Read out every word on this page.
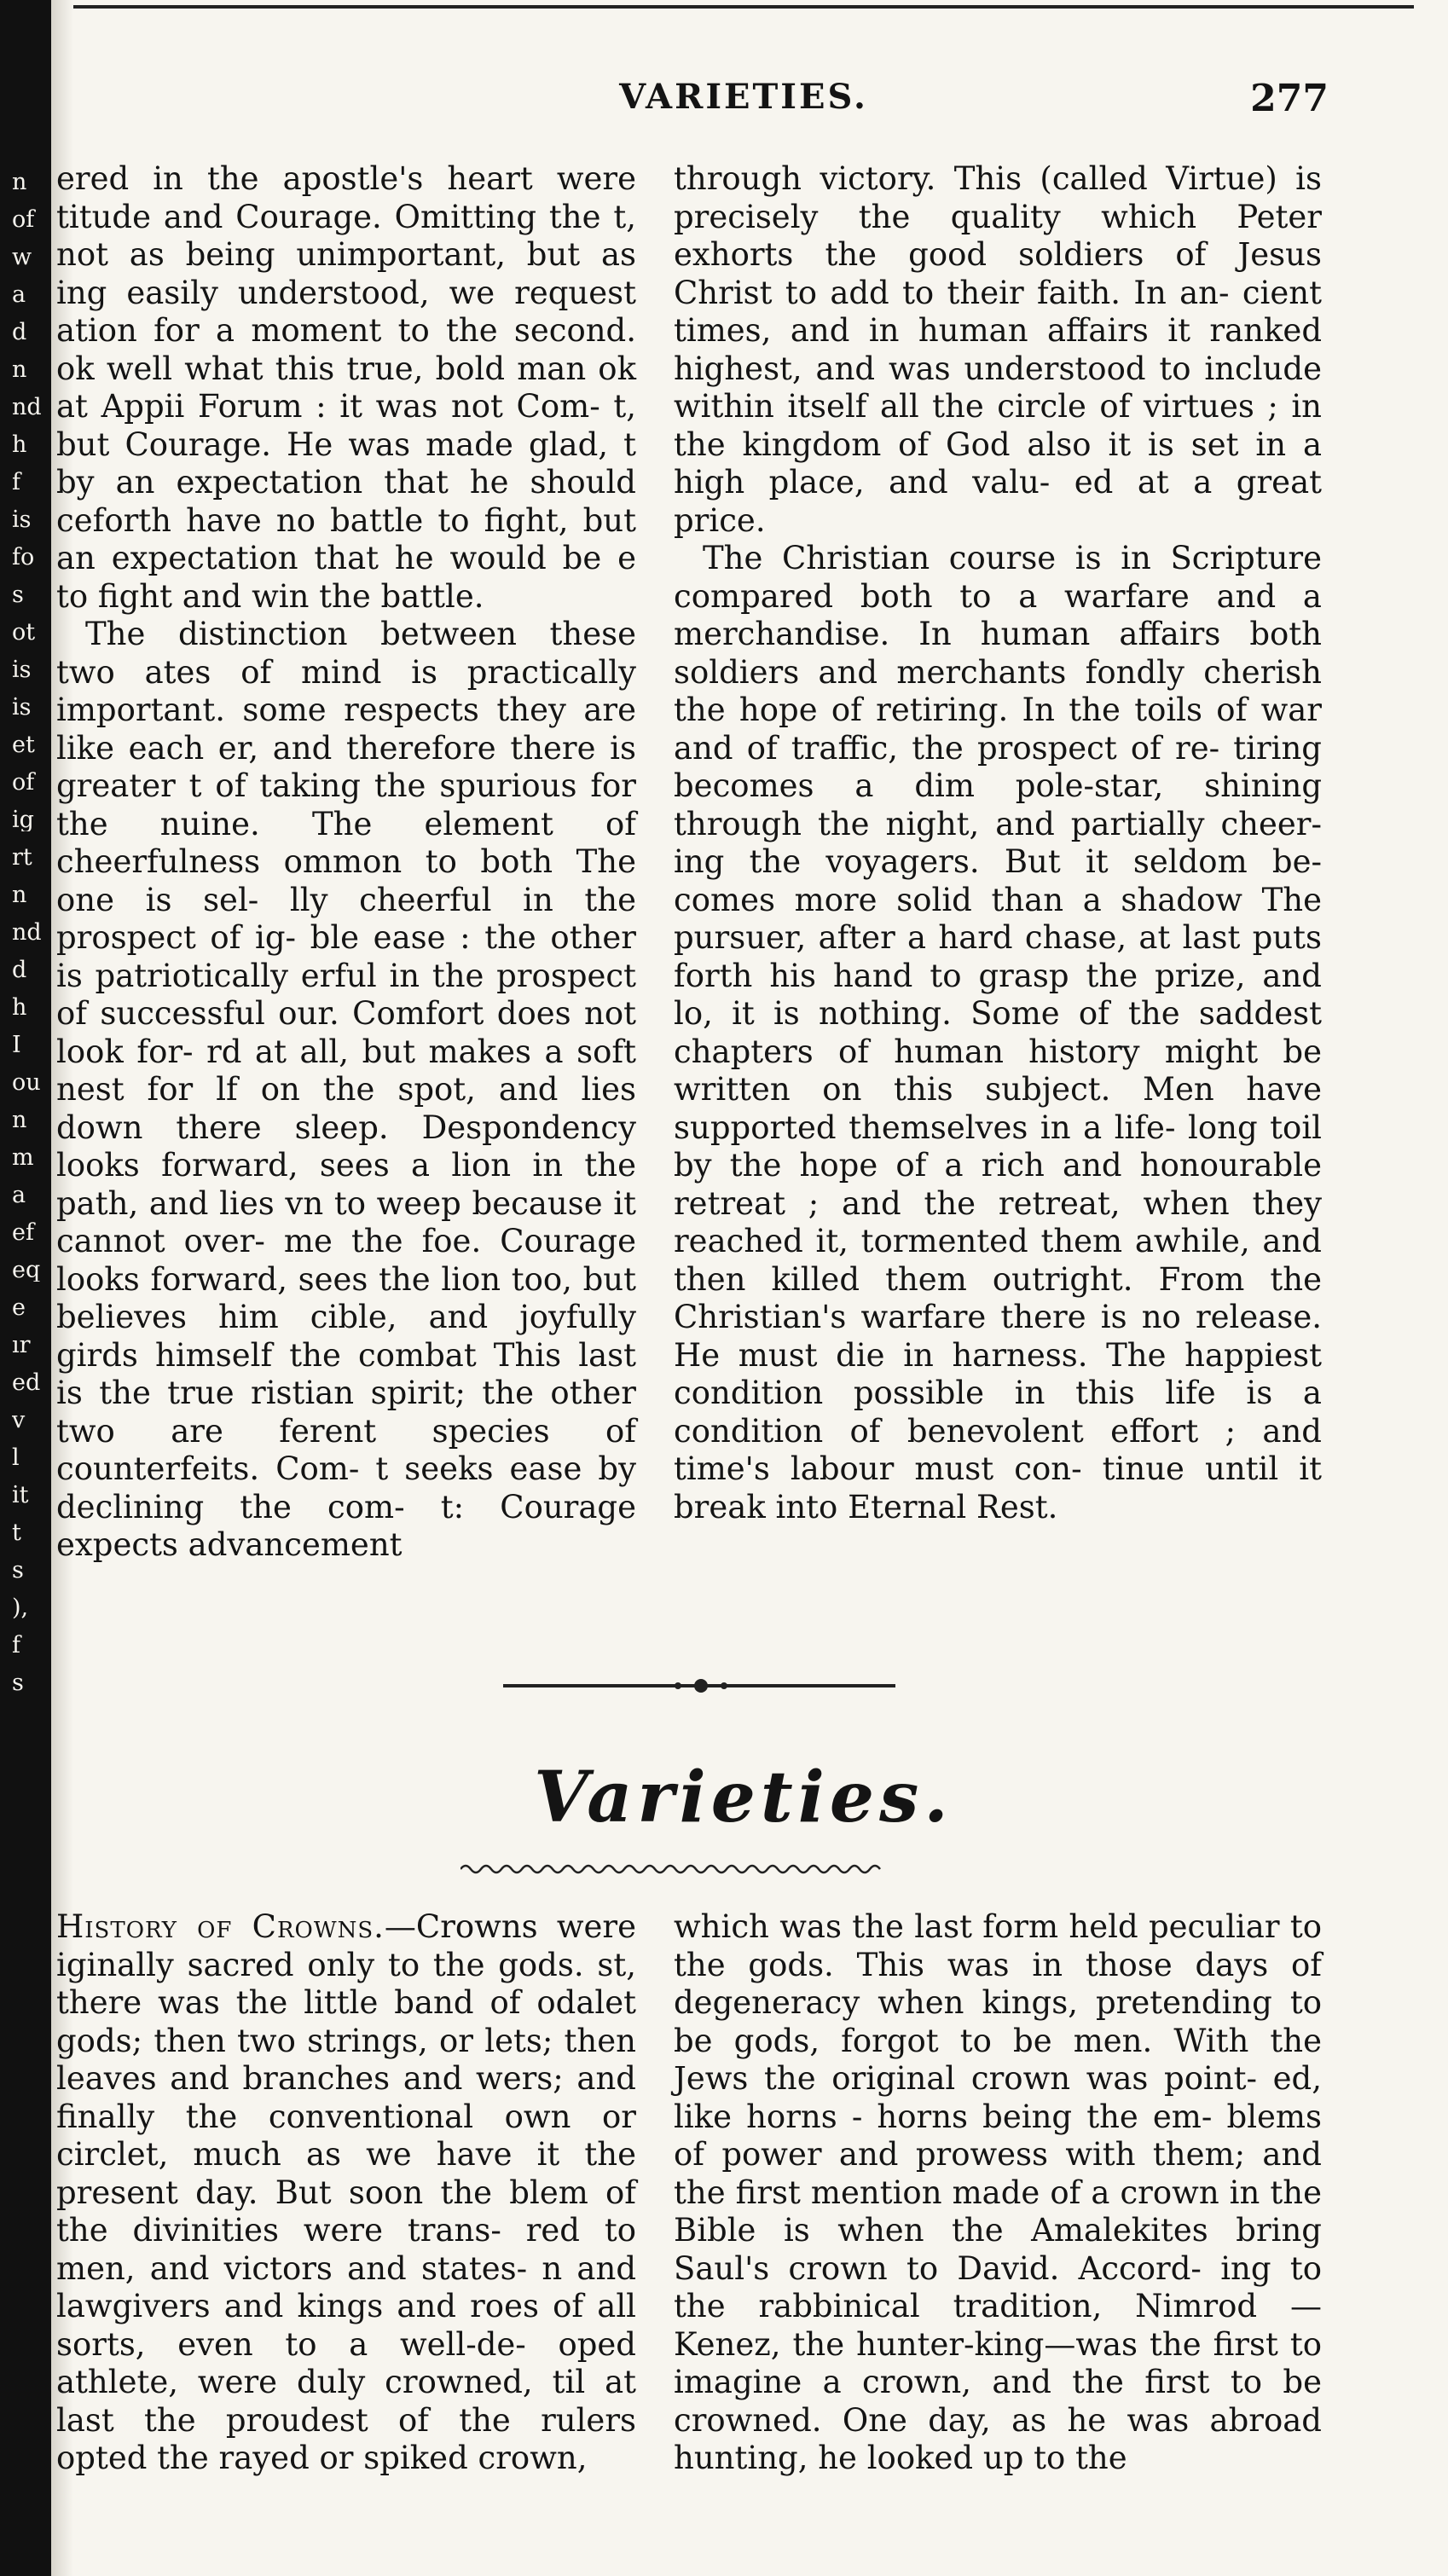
n
of
w
a
d
n
nd
h
f
is
fo
s
ot
is
is
et
of
ig
rt
n
nd
d
h
I
ou
n
m
a
ef
eq
e
ır
ed
v
l
it
t
s
),
f
s
VARIETIES.	277

ered in the apostle's heart were titude and Courage. Omitting the t, not as being unimportant, but as ing easily understood, we request ation for a moment to the second. ok well what this true, bold man ok at Appii Forum : it was not Com- t, but Courage. He was made glad, t by an expectation that he should ceforth have no battle to fight, but an expectation that he would be e to fight and win the battle.

The distinction between these two ates of mind is practically important. some respects they are like each er, and therefore there is greater t of taking the spurious for the nuine. The element of cheerfulness ommon to both The one is sel- lly cheerful in the prospect of ig- ble ease : the other is patriotically erful in the prospect of successful our. Comfort does not look for- rd at all, but makes a soft nest for lf on the spot, and lies down there sleep. Despondency looks forward, sees a lion in the path, and lies vn to weep because it cannot over- me the foe. Courage looks forward, sees the lion too, but believes him cible, and joyfully girds himself the combat This last is the true ristian spirit; the other two are ferent species of counterfeits. Com- t seeks ease by declining the com- t: Courage expects advancement

through victory. This (called Virtue) is precisely the quality which Peter exhorts the good soldiers of Jesus Christ to add to their faith. In an- cient times, and in human affairs it ranked highest, and was understood to include within itself all the circle of virtues ; in the kingdom of God also it is set in a high place, and valu- ed at a great price.

The Christian course is in Scripture compared both to a warfare and a merchandise. In human affairs both soldiers and merchants fondly cherish the hope of retiring. In the toils of war and of traffic, the prospect of re- tiring becomes a dim pole-star, shining through the night, and partially cheer- ing the voyagers. But it seldom be- comes more solid than a shadow The pursuer, after a hard chase, at last puts forth his hand to grasp the prize, and lo, it is nothing. Some of the saddest chapters of human history might be written on this subject. Men have supported themselves in a life- long toil by the hope of a rich and honourable retreat ; and the retreat, when they reached it, tormented them awhile, and then killed them outright. From the Christian's warfare there is no release. He must die in harness. The happiest condition possible in this life is a condition of benevolent effort ; and time's labour must con- tinue until it break into Eternal Rest.

Varieties.

History of Crowns.—Crowns were iginally sacred only to the gods. st, there was the little band of odalet gods; then two strings, or lets; then leaves and branches and wers; and finally the conventional own or circlet, much as we have it the present day. But soon the blem of the divinities were trans- red to men, and victors and states- n and lawgivers and kings and roes of all sorts, even to a well-de- oped athlete, were duly crowned, til at last the proudest of the rulers opted the rayed or spiked crown,

which was the last form held peculiar to the gods. This was in those days of degeneracy when kings, pretending to be gods, forgot to be men. With the Jews the original crown was point- ed, like horns - horns being the em- blems of power and prowess with them; and the first mention made of a crown in the Bible is when the Amalekites bring Saul's crown to David. Accord- ing to the rabbinical tradition, Nimrod —Kenez, the hunter-king—was the first to imagine a crown, and the first to be crowned. One day, as he was abroad hunting, he looked up to the
